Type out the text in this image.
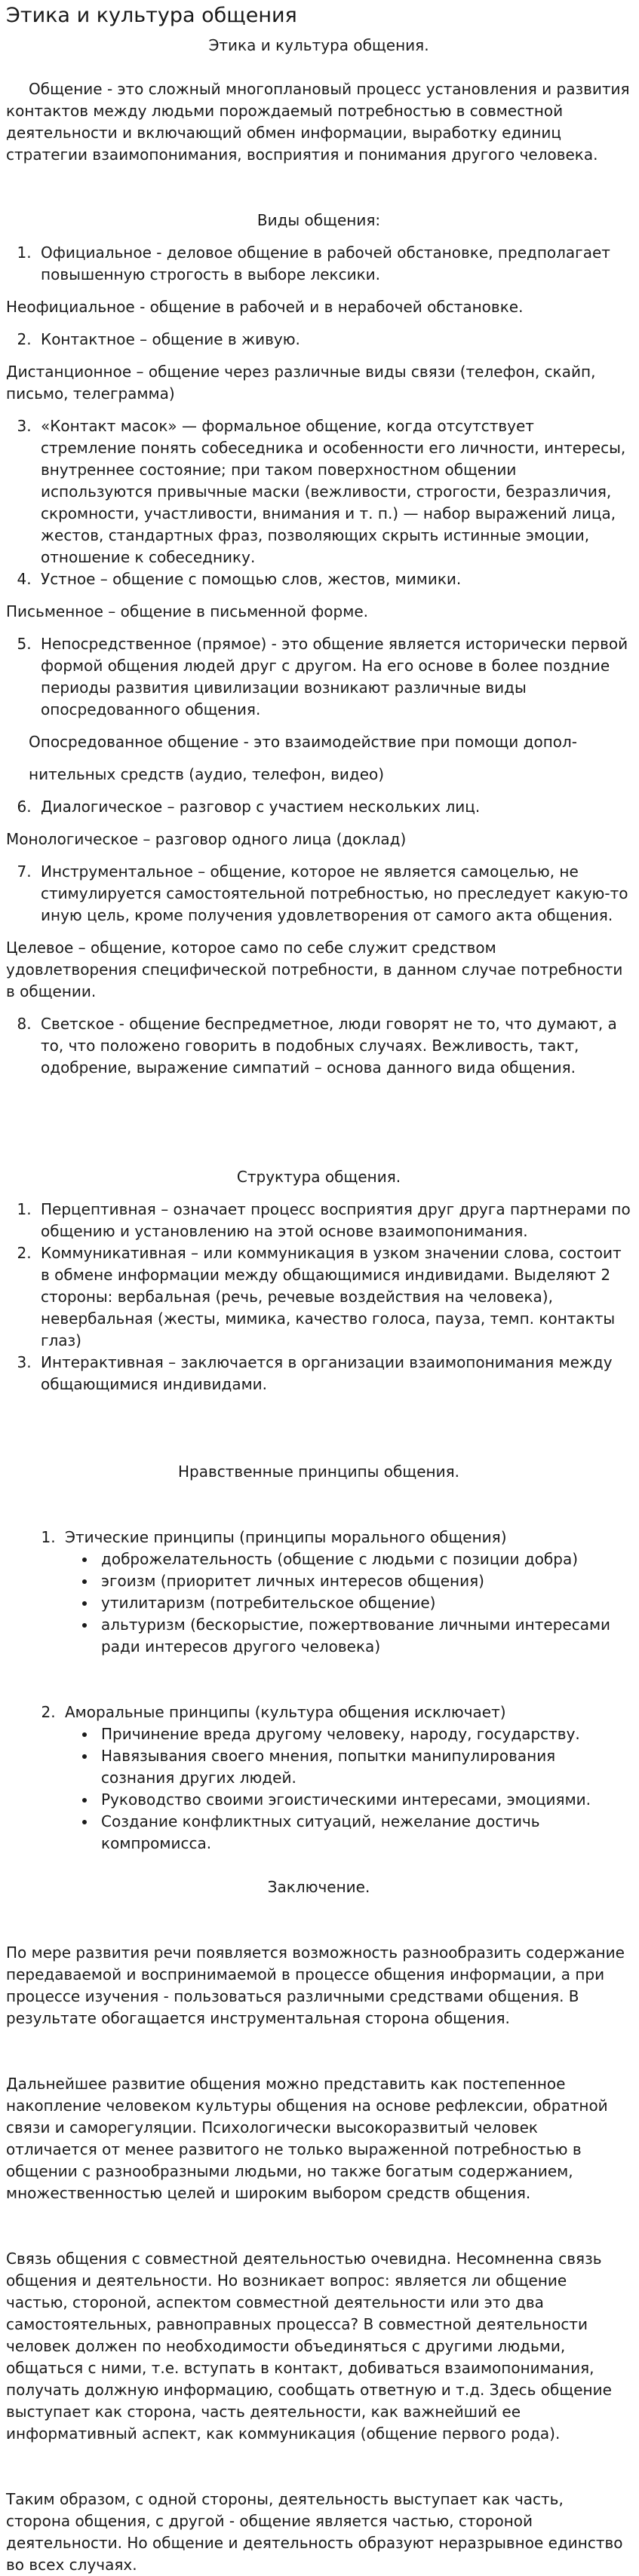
Этика и культура общения

Этика и культура общения.

Общение - это сложный многоплановый процесс установления и развития контактов между людьми порождаемый потребностью в совместной деятельности и включающий обмен информации, выработку единиц стратегии взаимопонимания, восприятия и понимания другого человека.

Виды общения:

1. Официальное - деловое общение в рабочей обстановке, предполагает повышенную строгость в выборе лексики.

Неофициальное - общение в рабочей и в нерабочей обстановке.

2. Контактное – общение в живую.

Дистанционное – общение через различные виды связи (телефон, скайп, письмо, телеграмма)

3. «Контакт масок» — формальное общение, когда отсутствует стремление понять собеседника и особенности его личности, интересы, внутреннее состояние; при таком поверхностном общении используются привычные маски (вежливости, строгости, безразличия, скромности, участливости, внимания и т. п.) — набор выражений лица, жестов, стандартных фраз, позволяющих скрыть истинные эмоции, отношение к собеседнику.
4. Устное – общение с помощью слов, жестов, мимики.

Письменное – общение в письменной форме.

5. Непосредственное (прямое) - это общение является исторически первой формой общения людей друг с другом. На его основе в более поздние периоды развития цивилизации возникают различные виды опосредованного общения.

Опосредованное общение - это взаимодействие при помощи допол-

нительных средств (аудио, телефон, видео)

6. Диалогическое – разговор с участием нескольких лиц.

Монологическое – разговор одного лица (доклад)

7. Инструментальное – общение, которое не является самоцелью, не стимулируется самостоятельной потребностью, но преследует какую-то иную цель, кроме получения удовлетворения от самого акта общения.

Целевое – общение, которое само по себе служит средством удовлетворения специфической потребности, в данном случае потребности в общении.

8. Светское - общение беспредметное, люди говорят не то, что думают, а то, что положено говорить в подобных случаях. Вежливость, такт, одобрение, выражение симпатий – основа данного вида общения.

Структура общения.

1. Перцептивная – означает процесс восприятия друг друга партнерами по общению и установлению на этой основе взаимопонимания.
2. Коммуникативная – или коммуникация в узком значении слова, состоит в обмене информации между общающимися индивидами. Выделяют 2 стороны: вербальная (речь, речевые воздействия на человека), невербальная (жесты, мимика, качество голоса, пауза, темп. контакты глаз)
3. Интерактивная – заключается в организации взаимопонимания между общающимися индивидами.

Нравственные принципы общения.

1. Этические принципы (принципы морального общения)
• доброжелательность (общение с людьми с позиции добра)
• эгоизм (приоритет личных интересов общения)
• утилитаризм (потребительское общение)
• альтуризм (бескорыстие, пожертвование личными интересами ради интересов другого человека)
2. Аморальные принципы (культура общения исключает)
• Причинение вреда другому человеку, народу, государству.
• Навязывания своего мнения, попытки манипулирования сознания других людей.
• Руководство своими эгоистическими интересами, эмоциями.
• Создание конфликтных ситуаций, нежелание достичь компромисса.

Заключение.

По мере развития речи появляется возможность разнообразить содержание передаваемой и воспринимаемой в процессе общения информации, а при процессе изучения - пользоваться различными средствами общения. В результате обогащается инструментальная сторона общения.

Дальнейшее развитие общения можно представить как постепенное накопление человеком культуры общения на основе рефлексии, обратной связи и саморегуляции. Психологически высокоразвитый человек отличается от менее развитого не только выраженной потребностью в общении с разнообразными людьми, но также богатым содержанием, множественностью целей и широким выбором средств общения.

Связь общения с совместной деятельностью очевидна. Несомненна связь общения и деятельности. Но возникает вопрос: является ли общение частью, стороной, аспектом совместной деятельности или это два самостоятельных, равноправных процесса? В совместной деятельности человек должен по необходимости объединяться с другими людьми, общаться с ними, т.е. вступать в контакт, добиваться взаимопонимания, получать должную информацию, сообщать ответную и т.д. Здесь общение выступает как сторона, часть деятельности, как важнейший ее информативный аспект, как коммуникация (общение первого рода).

Таким образом, с одной стороны, деятельность выступает как часть, сторона общения, с другой - общение является частью, стороной деятельности. Но общение и деятельность образуют неразрывное единство во всех случаях.
